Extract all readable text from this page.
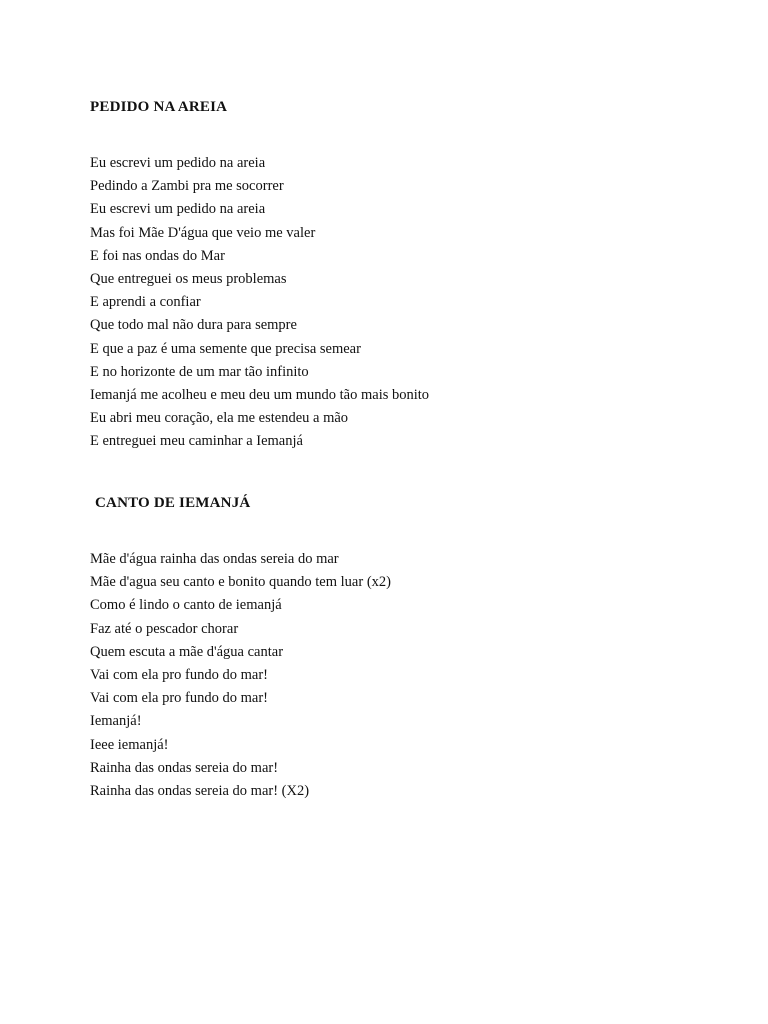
PEDIDO NA AREIA
Eu escrevi um pedido na areia
Pedindo a Zambi pra me socorrer
Eu escrevi um pedido na areia
Mas foi Mãe D'água que veio me valer
E foi nas ondas do Mar
Que entreguei os meus problemas
E aprendi a confiar
Que todo mal não dura para sempre
E que a paz é uma semente que precisa semear
E no horizonte de um mar tão infinito
Iemanjá me acolheu e meu deu um mundo tão mais bonito
Eu abri meu coração, ela me estendeu a mão
E entreguei meu caminhar a Iemanjá
CANTO DE IEMANJÁ
Mãe d'água rainha das ondas sereia do mar
Mãe d'agua seu canto e bonito quando tem luar (x2)
Como é lindo o canto de iemanjá
Faz até o pescador chorar
Quem escuta a mãe d'água cantar
Vai com ela pro fundo do mar!
Vai com ela pro fundo do mar!
Iemanjá!
Ieee iemanjá!
Rainha das ondas sereia do mar!
Rainha das ondas sereia do mar! (X2)
